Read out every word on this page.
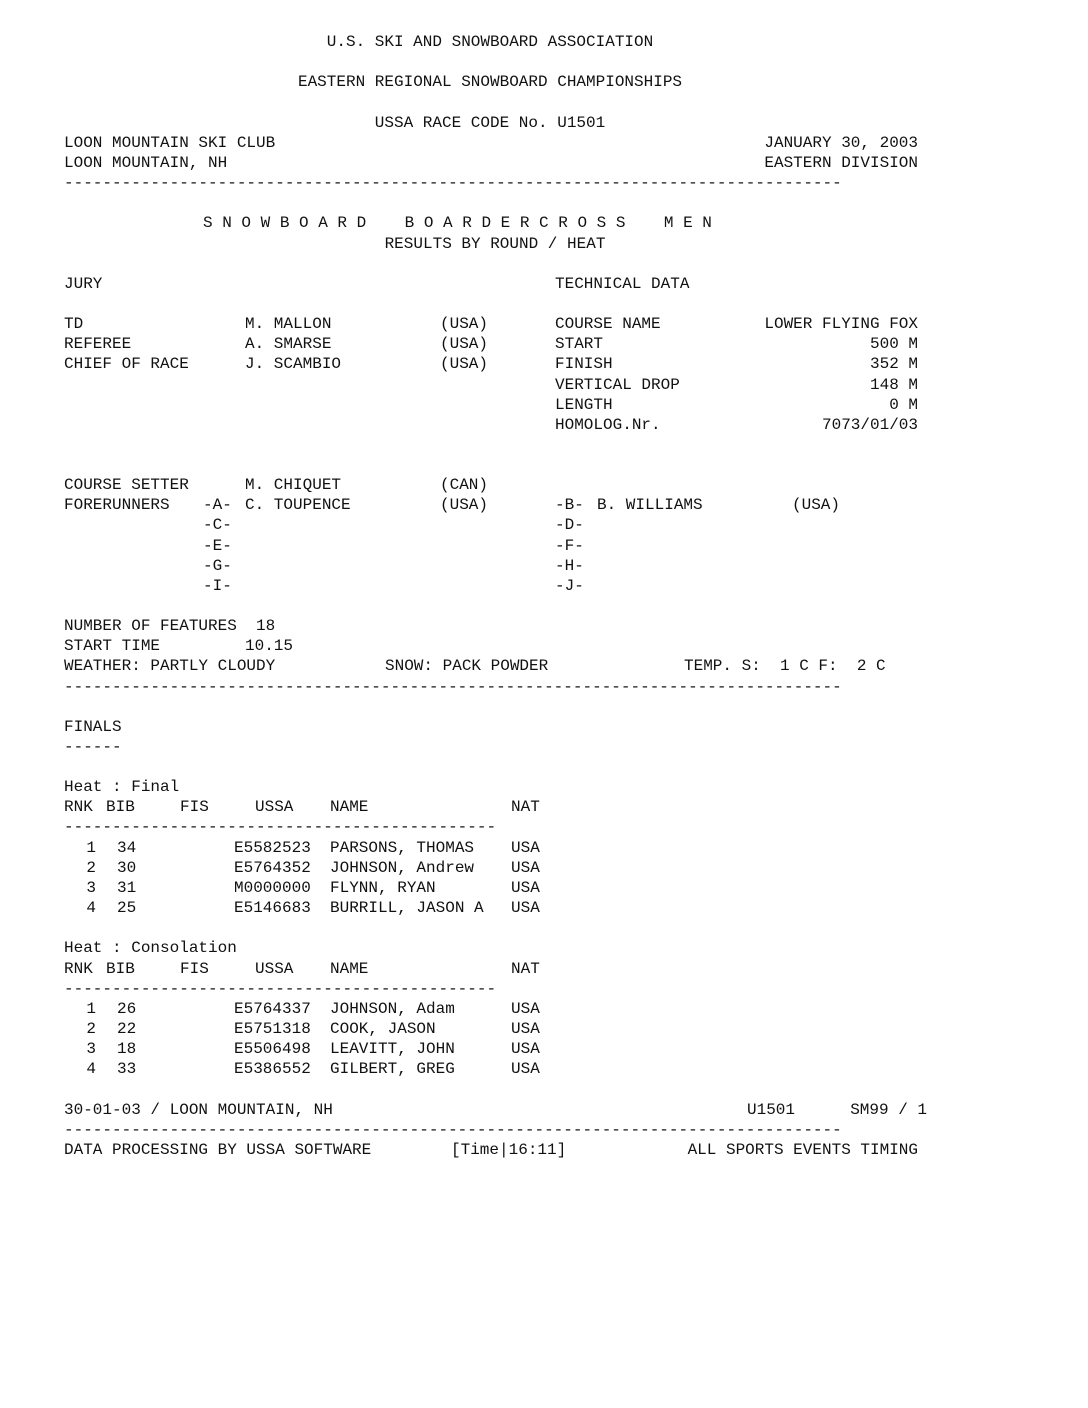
U.S. SKI AND SNOWBOARD ASSOCIATION
EASTERN REGIONAL SNOWBOARD CHAMPIONSHIPS
USSA RACE CODE No. U1501
LOON MOUNTAIN SKI CLUB	JANUARY 30, 2003
LOON MOUNTAIN, NH	EASTERN DIVISION
---------------------------------------------------------------------------------
S N O W B O A R D    B O A R D E R C R O S S    M E N
RESULTS BY ROUND / HEAT
JURY	TECHNICAL DATA
TD	M. MALLON	(USA)
REFEREE	A. SMARSE	(USA)
CHIEF OF RACE	J. SCAMBIO	(USA)
COURSE NAME	LOWER FLYING FOX
START	500 M
FINISH	352 M
VERTICAL DROP	148 M
LENGTH	0 M
HOMOLOG.Nr.	7073/01/03
COURSE SETTER	M. CHIQUET	(CAN)
FORERUNNERS -A- C. TOUPENCE	(USA)	-B- B. WILLIAMS	(USA)
-C-	-D-
-E-	-F-
-G-	-H-
-I-	-J-
NUMBER OF FEATURES  18
START TIME	10.15
WEATHER: PARTLY CLOUDY	SNOW: PACK POWDER	TEMP. S:  1 C F:  2 C
---------------------------------------------------------------------------------
FINALS
------
Heat : Final
RNK BIB	FIS	USSA NAME	NAT
---------------------------------------------
1 34	E5582523 PARSONS, THOMAS USA
2 30	E5764352 JOHNSON, Andrew USA
3 31	M0000000 FLYNN, RYAN	USA
4 25	E5146683 BURRILL, JASON A USA
Heat : Consolation
RNK BIB	FIS	USSA NAME	NAT
---------------------------------------------
1 26	E5764337 JOHNSON, Adam	USA
2 22	E5751318 COOK, JASON	USA
3 18	E5506498 LEAVITT, JOHN	USA
4 33	E5386552 GILBERT, GREG	USA
30-01-03 / LOON MOUNTAIN, NH	U1501	SM99 / 1
---------------------------------------------------------------------------------
DATA PROCESSING BY USSA SOFTWARE	[Time|16:11]	ALL SPORTS EVENTS TIMING
